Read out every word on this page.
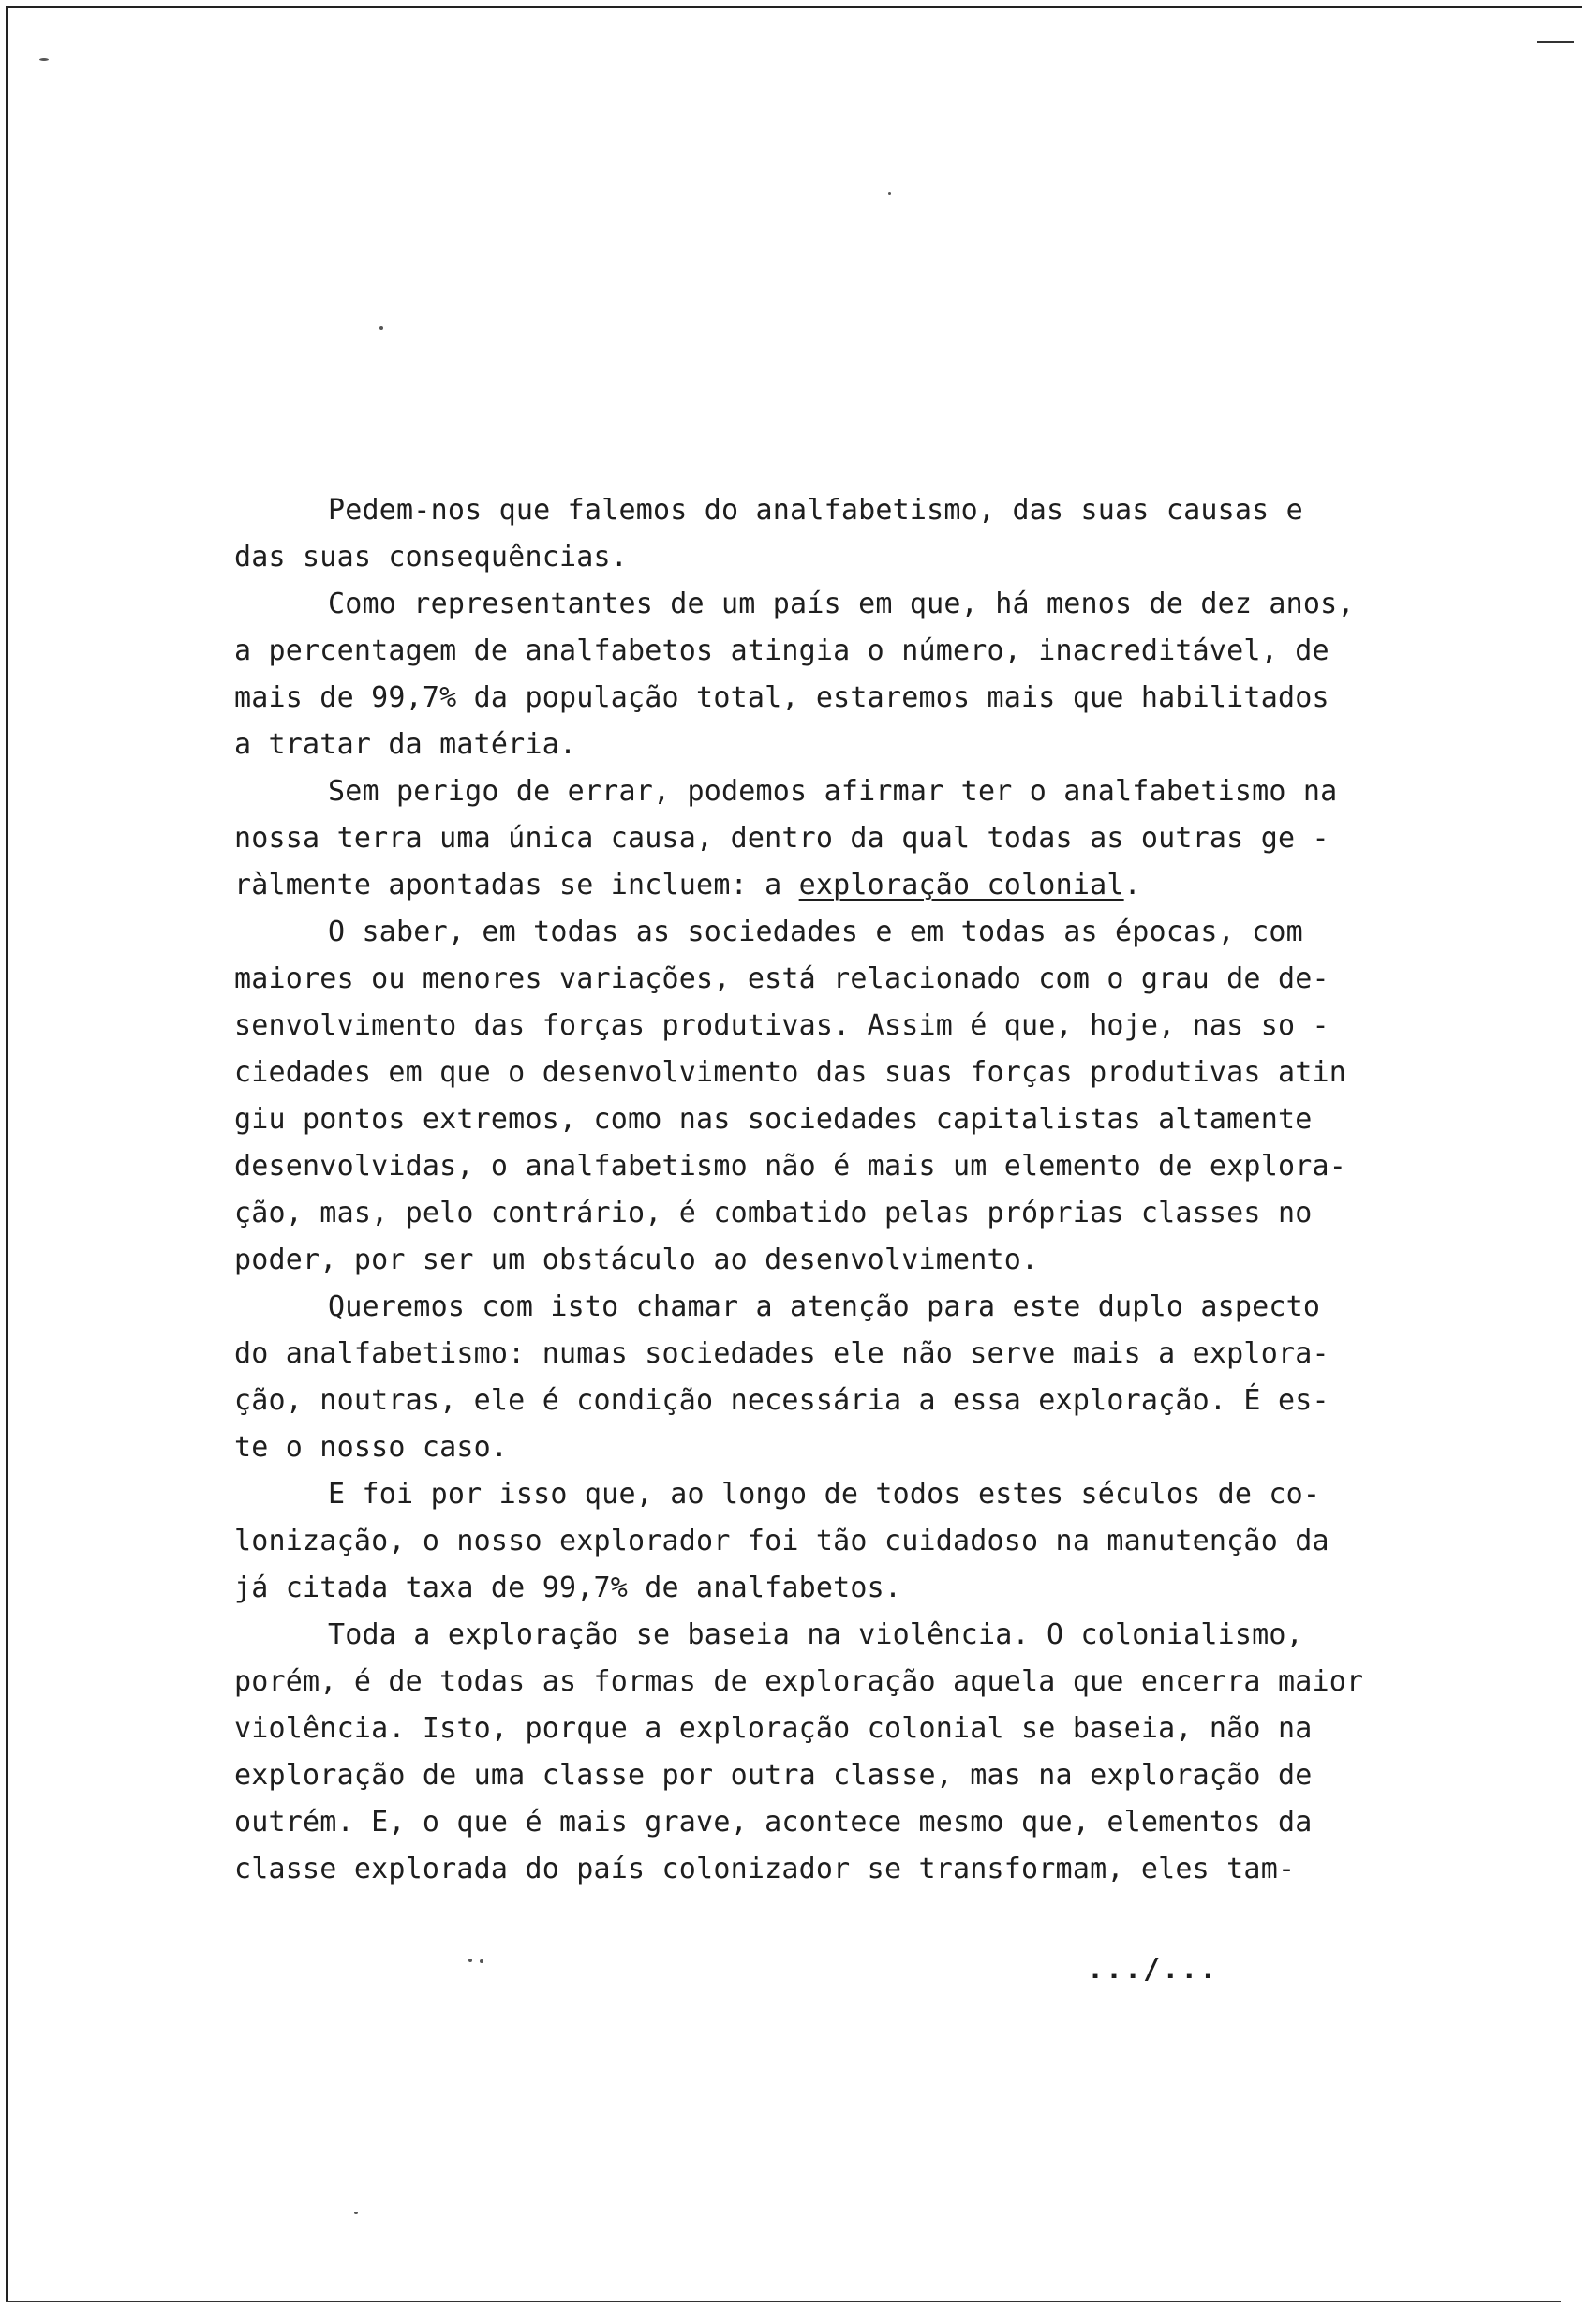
Pedem-nos que falemos do analfabetismo, das suas causas e
das suas consequências.
Como representantes de um país em que, há menos de dez anos,
a percentagem de analfabetos atingia o número, inacreditável, de
mais de 99,7% da população total, estaremos mais que habilitados
a tratar da matéria.
Sem perigo de errar, podemos afirmar ter o analfabetismo na
nossa terra uma única causa, dentro da qual todas as outras ge -
ràlmente apontadas se incluem: a exploração colonial.
O saber, em todas as sociedades e em todas as épocas, com
maiores ou menores variações, está relacionado com o grau de de-
senvolvimento das forças produtivas. Assim é que, hoje, nas so -
ciedades em que o desenvolvimento das suas forças produtivas atin
giu pontos extremos, como nas sociedades capitalistas altamente
desenvolvidas, o analfabetismo não é mais um elemento de explora-
ção, mas, pelo contrário, é combatido pelas próprias classes no
poder, por ser um obstáculo ao desenvolvimento.
Queremos com isto chamar a atenção para este duplo aspecto
do analfabetismo: numas sociedades ele não serve mais a explora-
ção, noutras, ele é condição necessária a essa exploração. É es-
te o nosso caso.
E foi por isso que, ao longo de todos estes séculos de co-
lonização, o nosso explorador foi tão cuidadoso na manutenção da
já citada taxa de 99,7% de analfabetos.
Toda a exploração se baseia na violência. O colonialismo,
porém, é de todas as formas de exploração aquela que encerra maior
violência. Isto, porque a exploração colonial se baseia, não na
exploração de uma classe por outra classe, mas na exploração de
outrém. E, o que é mais grave, acontece mesmo que, elementos da
classe explorada do país colonizador se transformam, eles tam-
.../...
